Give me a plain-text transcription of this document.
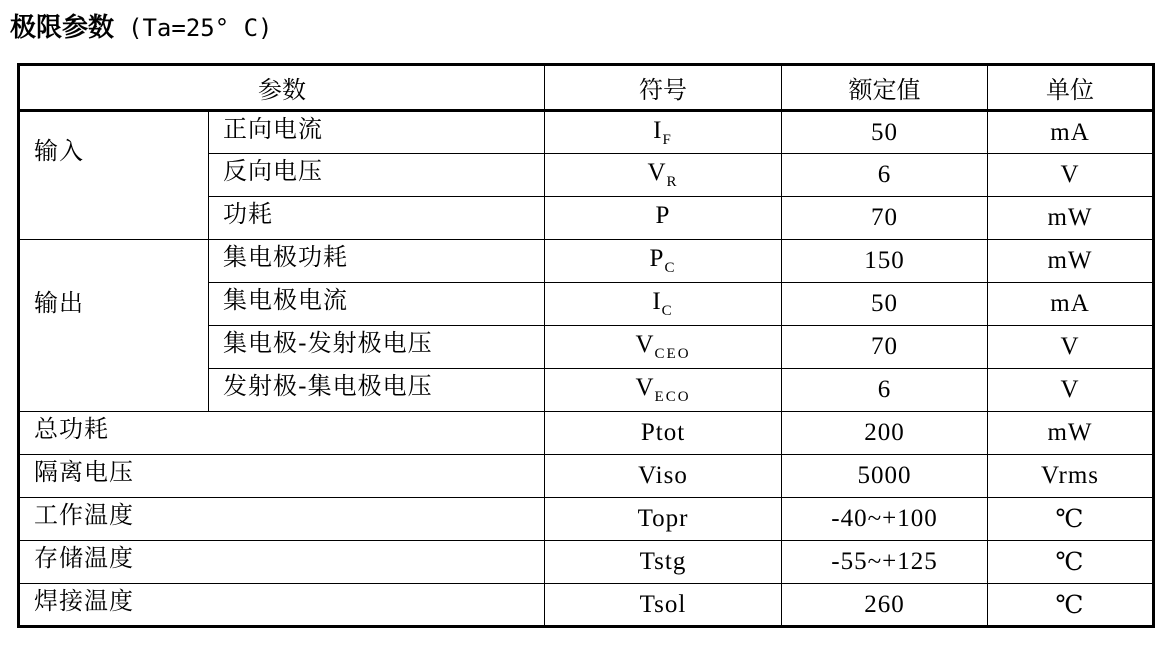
极限参数 (Ta=25° C)
参数		符号	额定值	单位
输入	正向电流	$I_F$	50	mA
	反向电压	$V_R$	6	V
	功耗	P	70	mW
输出	集电极功耗	$P_C$	150	mW
	集电极电流	$I_C$	50	mA
	集电极-发射极电压	$V_{CEO}$	70	V
	发射极-集电极电压	$V_{ECO}$	6	V
总功耗		Ptot	200	mW
隔离电压		Viso	5000	Vrms
工作温度		Topr	-40~+100	℃
存储温度		Tstg	-55~+125	℃
焊接温度		Tsol	260	℃
